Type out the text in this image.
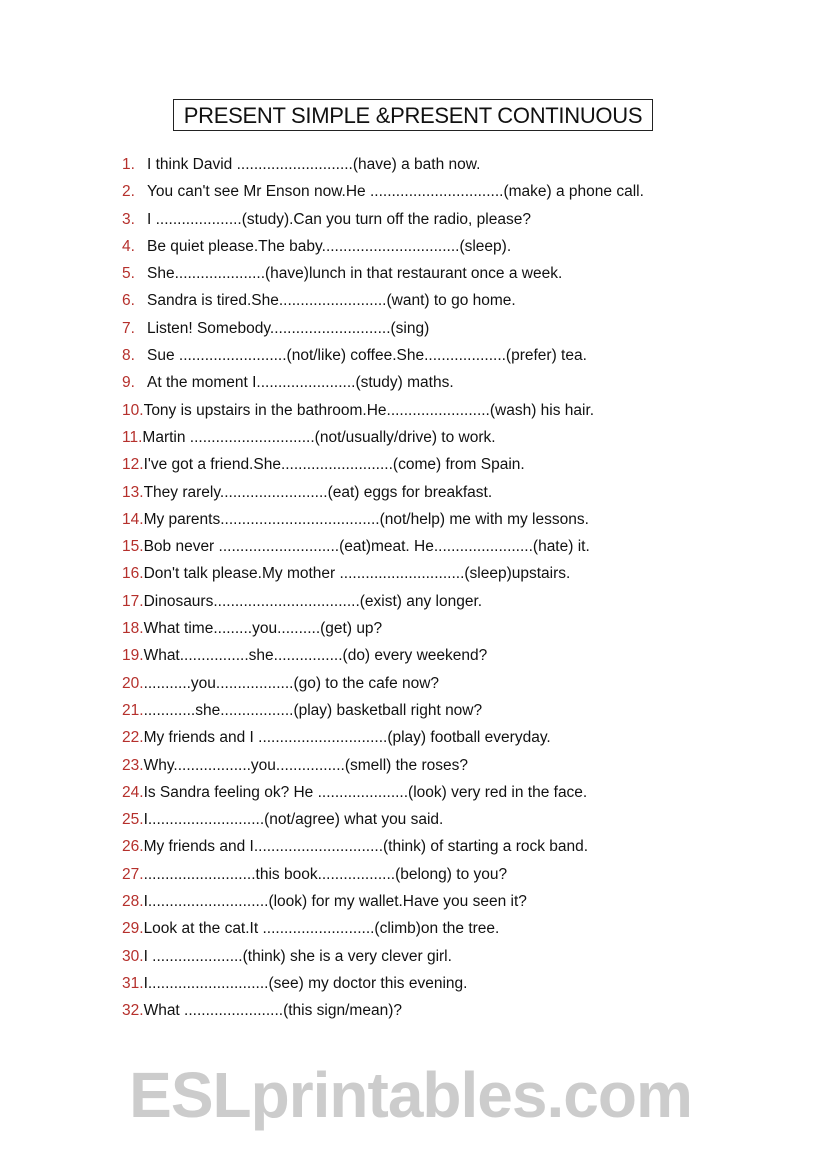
PRESENT SIMPLE &PRESENT CONTINUOUS
1. I think David ...........................(have) a bath now.
2. You can't see Mr Enson now.He ...............................(make) a phone call.
3. I ....................(study).Can you turn off the radio, please?
4. Be quiet please.The baby................................(sleep).
5. She.....................(have)lunch in that restaurant once a week.
6. Sandra is tired.She.........................(want) to go home.
7. Listen! Somebody............................(sing)
8. Sue .........................(not/like) coffee.She...................(prefer) tea.
9. At the moment I.......................(study) maths.
10. Tony is upstairs in the bathroom.He........................(wash) his hair.
11. Martin .............................(not/usually/drive) to work.
12. I've got a friend.She..........................(come) from Spain.
13. They rarely.........................(eat) eggs for breakfast.
14. My parents.....................................(not/help) me with my lessons.
15. Bob never ............................(eat)meat. He.......................(hate) it.
16. Don't talk please.My mother .............................(sleep)upstairs.
17. Dinosaurs..................................(exist) any longer.
18. What time.........you..........(get) up?
19. What................she................(do) every weekend?
20. ...........you..................(go) to the cafe now?
21. ............she.................(play) basketball right now?
22. My friends and I ..............................(play) football everyday.
23. Why..................you................(smell) the roses?
24. Is Sandra feeling ok? He .....................(look) very red in the face.
25. I...........................(not/agree) what you said.
26. My friends and I..............................(think) of starting a rock band.
27. ..........................this book..................(belong) to you?
28. I............................(look) for my wallet.Have you seen it?
29. Look at the cat.It ..........................(climb)on the tree.
30. I .....................(think) she is a very clever girl.
31. I............................(see) my doctor this evening.
32. What .......................(this sign/mean)?
ESLprintables.com
